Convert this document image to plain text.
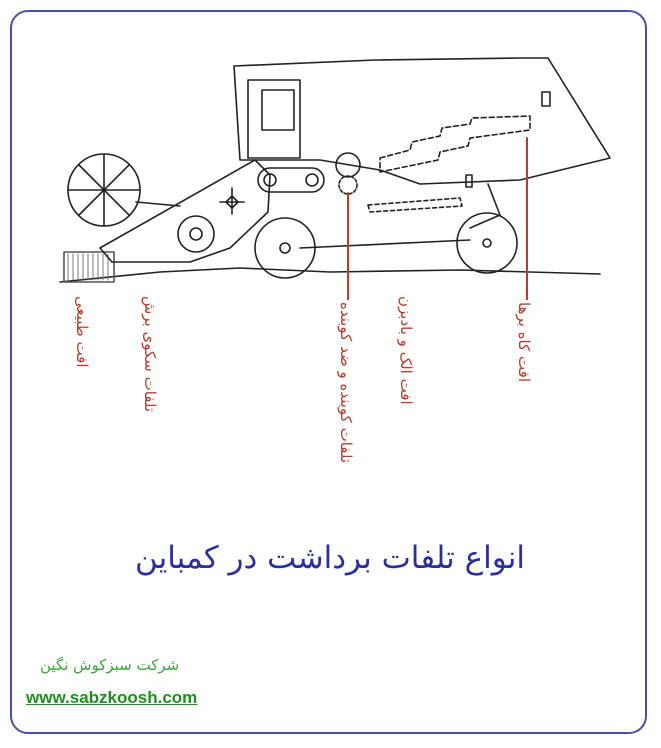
افت طبیعی	تلفات سکوی برش	تلفات کوبنده و ضد کوبنده	افت الک و بادبزن	افت کاه برها
انواع تلفات برداشت در کمباین
شرکت سبزکوش نگین
www.sabzkoosh.com
